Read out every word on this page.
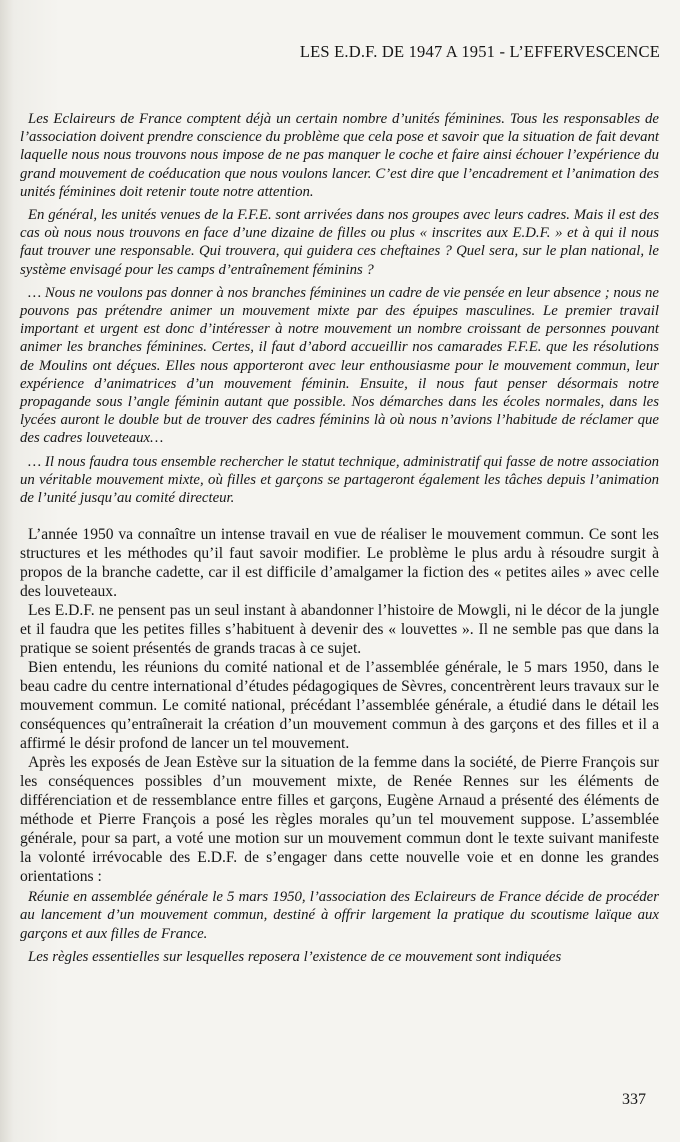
LES E.D.F. DE 1947 A 1951 - L’EFFERVESCENCE

Les Eclaireurs de France comptent déjà un certain nombre d’unités féminines. Tous les responsables de l’association doivent prendre conscience du problème que cela pose et savoir que la situation de fait devant laquelle nous nous trouvons nous impose de ne pas manquer le coche et faire ainsi échouer l’expérience du grand mouvement de coéducation que nous voulons lancer. C’est dire que l’encadrement et l’animation des unités féminines doit retenir toute notre attention.

En général, les unités venues de la F.F.E. sont arrivées dans nos groupes avec leurs cadres. Mais il est des cas où nous nous trouvons en face d’une dizaine de filles ou plus « inscrites aux E.D.F. » et à qui il nous faut trouver une responsable. Qui trouvera, qui guidera ces cheftaines ? Quel sera, sur le plan national, le système envisagé pour les camps d’entraînement féminins ?

… Nous ne voulons pas donner à nos branches féminines un cadre de vie pensée en leur absence ; nous ne pouvons pas prétendre animer un mouvement mixte par des épuipes masculines. Le premier travail important et urgent est donc d’intéresser à notre mouvement un nombre croissant de personnes pouvant animer les branches féminines. Certes, il faut d’abord accueillir nos camarades F.F.E. que les résolutions de Moulins ont déçues. Elles nous apporteront avec leur enthousiasme pour le mouvement commun, leur expérience d’animatrices d’un mouvement féminin. Ensuite, il nous faut penser désormais notre propagande sous l’angle féminin autant que possible. Nos démarches dans les écoles normales, dans les lycées auront le double but de trouver des cadres féminins là où nous n’avions l’habitude de réclamer que des cadres louveteaux…

… Il nous faudra tous ensemble rechercher le statut technique, administratif qui fasse de notre association un véritable mouvement mixte, où filles et garçons se partageront également les tâches depuis l’animation de l’unité jusqu’au comité directeur.

L’année 1950 va connaître un intense travail en vue de réaliser le mouvement commun. Ce sont les structures et les méthodes qu’il faut savoir modifier. Le problème le plus ardu à résoudre surgit à propos de la branche cadette, car il est difficile d’amalgamer la fiction des « petites ailes » avec celle des louveteaux.

Les E.D.F. ne pensent pas un seul instant à abandonner l’histoire de Mowgli, ni le décor de la jungle et il faudra que les petites filles s’habituent à devenir des « louvettes ». Il ne semble pas que dans la pratique se soient présentés de grands tracas à ce sujet.

Bien entendu, les réunions du comité national et de l’assemblée générale, le 5 mars 1950, dans le beau cadre du centre international d’études pédagogiques de Sèvres, concentrèrent leurs travaux sur le mouvement commun. Le comité national, précédant l’assemblée générale, a étudié dans le détail les conséquences qu’entraînerait la création d’un mouvement commun à des garçons et des filles et il a affirmé le désir profond de lancer un tel mouvement.

Après les exposés de Jean Estève sur la situation de la femme dans la société, de Pierre François sur les conséquences possibles d’un mouvement mixte, de Renée Rennes sur les éléments de différenciation et de ressemblance entre filles et garçons, Eugène Arnaud a présenté des éléments de méthode et Pierre François a posé les règles morales qu’un tel mouvement suppose. L’assemblée générale, pour sa part, a voté une motion sur un mouvement commun dont le texte suivant manifeste la volonté irrévocable des E.D.F. de s’engager dans cette nouvelle voie et en donne les grandes orientations :

Réunie en assemblée générale le 5 mars 1950, l’association des Eclaireurs de France décide de procéder au lancement d’un mouvement commun, destiné à offrir largement la pratique du scoutisme laïque aux garçons et aux filles de France.

Les règles essentielles sur lesquelles reposera l’existence de ce mouvement sont indiquées

337
